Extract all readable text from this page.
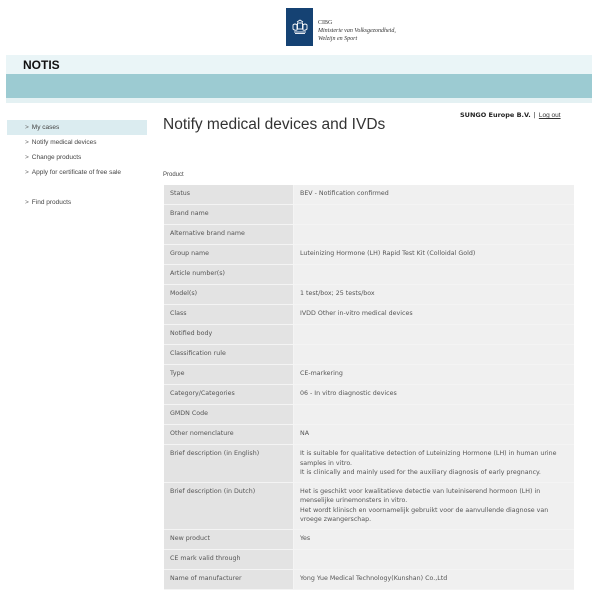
CIBG
Ministerie van Volksgezondheid,
Welzijn en Sport
NOTIS
> My cases
> Notify medical devices
> Change products
> Apply for certificate of free sale
> Find products
Notify medical devices and IVDs
SUNGO Europe B.V. | Log out
Product
Status	BEV - Notification confirmed

Brand name	

Alternative brand name	

Group name	Luteinizing Hormone (LH) Rapid Test Kit (Colloidal Gold)

Article number(s)	

Model(s)	1 test/box; 25 tests/box

Class	IVDD Other in-vitro medical devices

Notified body	

Classification rule	

Type	CE-markering

Category/Categories	06 - In vitro diagnostic devices

GMDN Code	

Other nomenclature	NA

Brief description (in English)	It is suitable for qualitative detection of Luteinizing Hormone (LH) in human urine samples in vitro.
It is clinically and mainly used for the auxiliary diagnosis of early pregnancy.

Brief description (in Dutch)	Het is geschikt voor kwalitatieve detectie van luteiniserend hormoon (LH) in menselijke urinemonsters in vitro.
Het wordt klinisch en voornamelijk gebruikt voor de aanvullende diagnose van vroege zwangerschap.

New product	Yes

CE mark valid through	

Name of manufacturer	Yong Yue Medical Technology(Kunshan) Co.,Ltd
